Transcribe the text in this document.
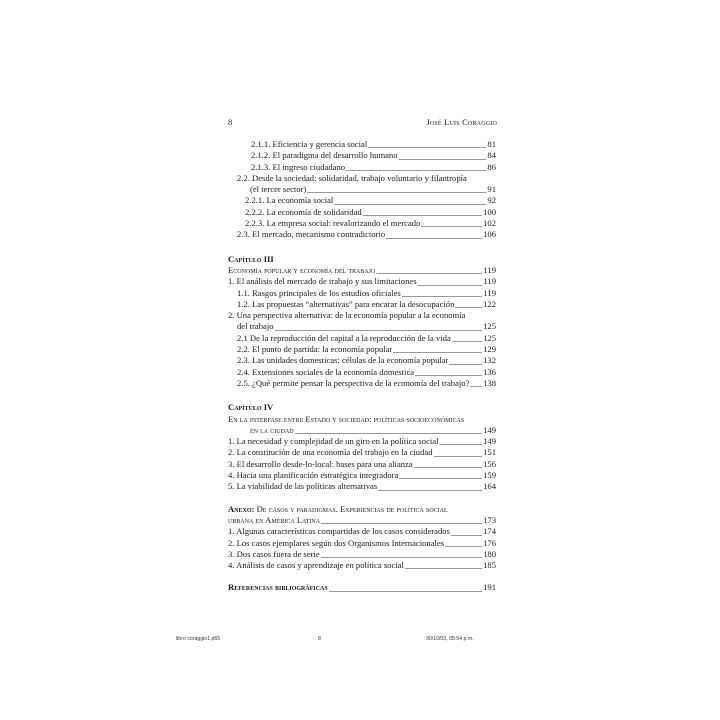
8	José Luis Coraggio
2.1.1. Eficiencia y gerencia social	81
2.1.2. El paradigma del desarrollo humano	84
2.1.3. El ingreso ciudadano	86
2.2. Desde la sociedad: solidaridad, trabajo voluntario y filantropía
(el tercer sector)	91
2.2.1. La economía social	92
2.2.2. La economía de solidaridad	100
2.2.3. La empresa social: revalorizando el mercado	102
2.3. El mercado, mecanismo contradictorio	106
Capítulo III
Economía popular y economía del trabajo	119
1. El análisis del mercado de trabajo y sus limitaciones	119
1.1. Rasgos principales de los estudios oficiales	119
1.2. Las propuestas “alternativas” para encarar la desocupación	122
2. Una perspectiva alternativa: de la economía popular a la economía
del trabajo	125
2.1 De la reproducción del capital a la reproducción de la vida	125
2.2. El punto de partida: la economía popular	129
2.3. Las unidades domesticas: células de la economía popular	132
2.4. Extensiones sociales de la economía domestica	136
2.5. ¿Qué permite pensar la perspectiva de la economía del trabajo? 138
Capítulo IV
En la interfase entre Estado y sociedad: políticas socioeconómicas
en la ciudad	149
1. La necesidad y complejidad de un giro en la política social	149
2. La constitución de una economía del trabajo en la ciudad	151
3. El desarrollo desde-lo-local: bases para una alianza	156
4. Hacia una planificación estratégica integradora	159
5. La viabilidad de las políticas alternativas	164
Anexo: De casos y paradigmas. Experiencias de política social
urbana en América Latina	173
1. Algunas características compartidas de los casos considerados	174
2. Los casos ejemplares según dos Organismos Internacionales	176
3. Dos casos fuera de serie	180
4. Análisis de casos y aprendizaje en política social	185
Referencias bibliográficas	191
libro coraggio1.p65	8	30/10/03, 05:54 p.m.
